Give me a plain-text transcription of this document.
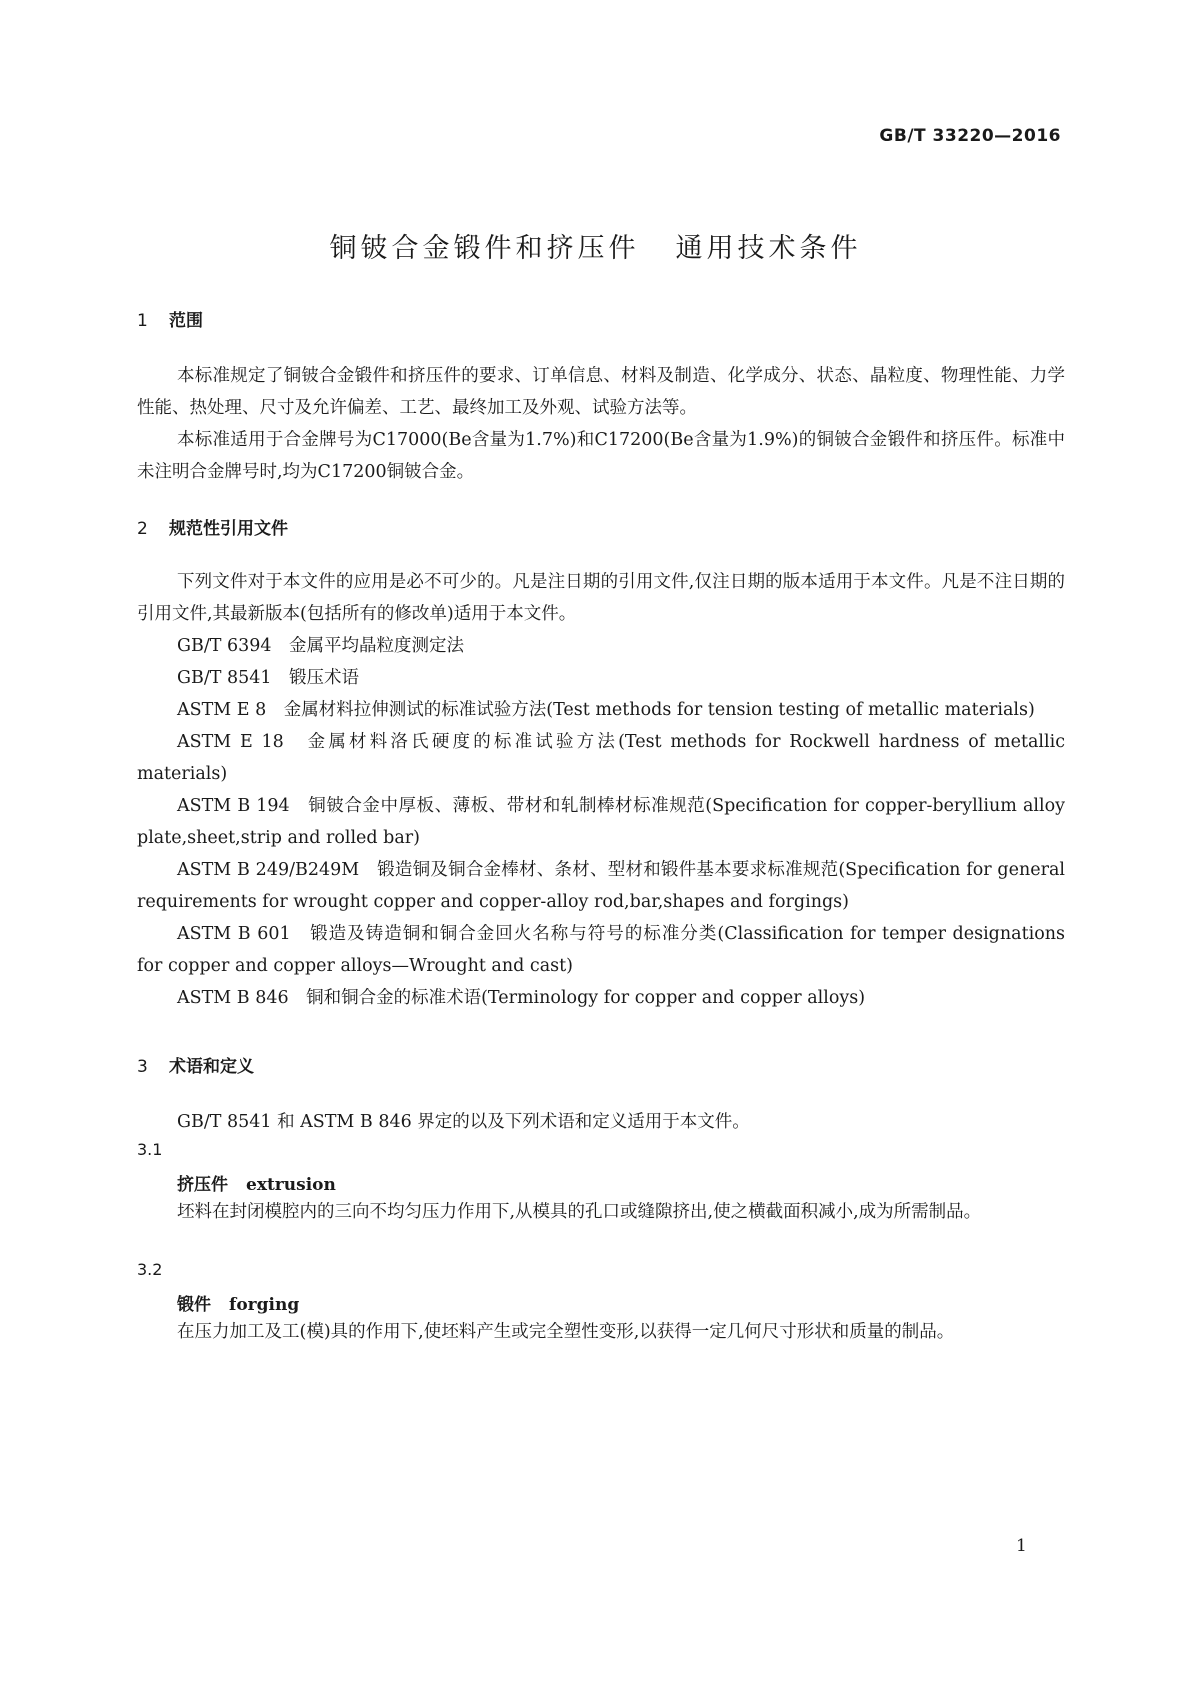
GB/T 33220—2016
铜铍合金锻件和挤压件 通用技术条件
1 范围

本标准规定了铜铍合金锻件和挤压件的要求、订单信息、材料及制造、化学成分、状态、晶粒度、物理性能、力学性能、热处理、尺寸及允许偏差、工艺、最终加工及外观、试验方法等。

本标准适用于合金牌号为C17000(Be含量为1.7%)和C17200(Be含量为1.9%)的铜铍合金锻件和挤压件。标准中未注明合金牌号时,均为C17200铜铍合金。

2 规范性引用文件

下列文件对于本文件的应用是必不可少的。凡是注日期的引用文件,仅注日期的版本适用于本文件。凡是不注日期的引用文件,其最新版本(包括所有的修改单)适用于本文件。

GB/T 6394　金属平均晶粒度测定法

GB/T 8541　锻压术语

ASTM E 8　金属材料拉伸测试的标准试验方法(Test methods for tension testing of metallic materials)

ASTM E 18　金属材料洛氏硬度的标准试验方法(Test methods for Rockwell hardness of metallic materials)

ASTM B 194　铜铍合金中厚板、薄板、带材和轧制棒材标准规范(Specification for copper-beryllium alloy plate,sheet,strip and rolled bar)

ASTM B 249/B249M　锻造铜及铜合金棒材、条材、型材和锻件基本要求标准规范(Specification for general requirements for wrought copper and copper-alloy rod,bar,shapes and forgings)

ASTM B 601　锻造及铸造铜和铜合金回火名称与符号的标准分类(Classification for temper designations for copper and copper alloys—Wrought and cast)

ASTM B 846　铜和铜合金的标准术语(Terminology for copper and copper alloys)

3 术语和定义

GB/T 8541 和 ASTM B 846 界定的以及下列术语和定义适用于本文件。

3.1
挤压件 extrusion

坯料在封闭模腔内的三向不均匀压力作用下,从模具的孔口或缝隙挤出,使之横截面积减小,成为所需制品。

3.2
锻件 forging

在压力加工及工(模)具的作用下,使坯料产生或完全塑性变形,以获得一定几何尺寸形状和质量的制品。

1
